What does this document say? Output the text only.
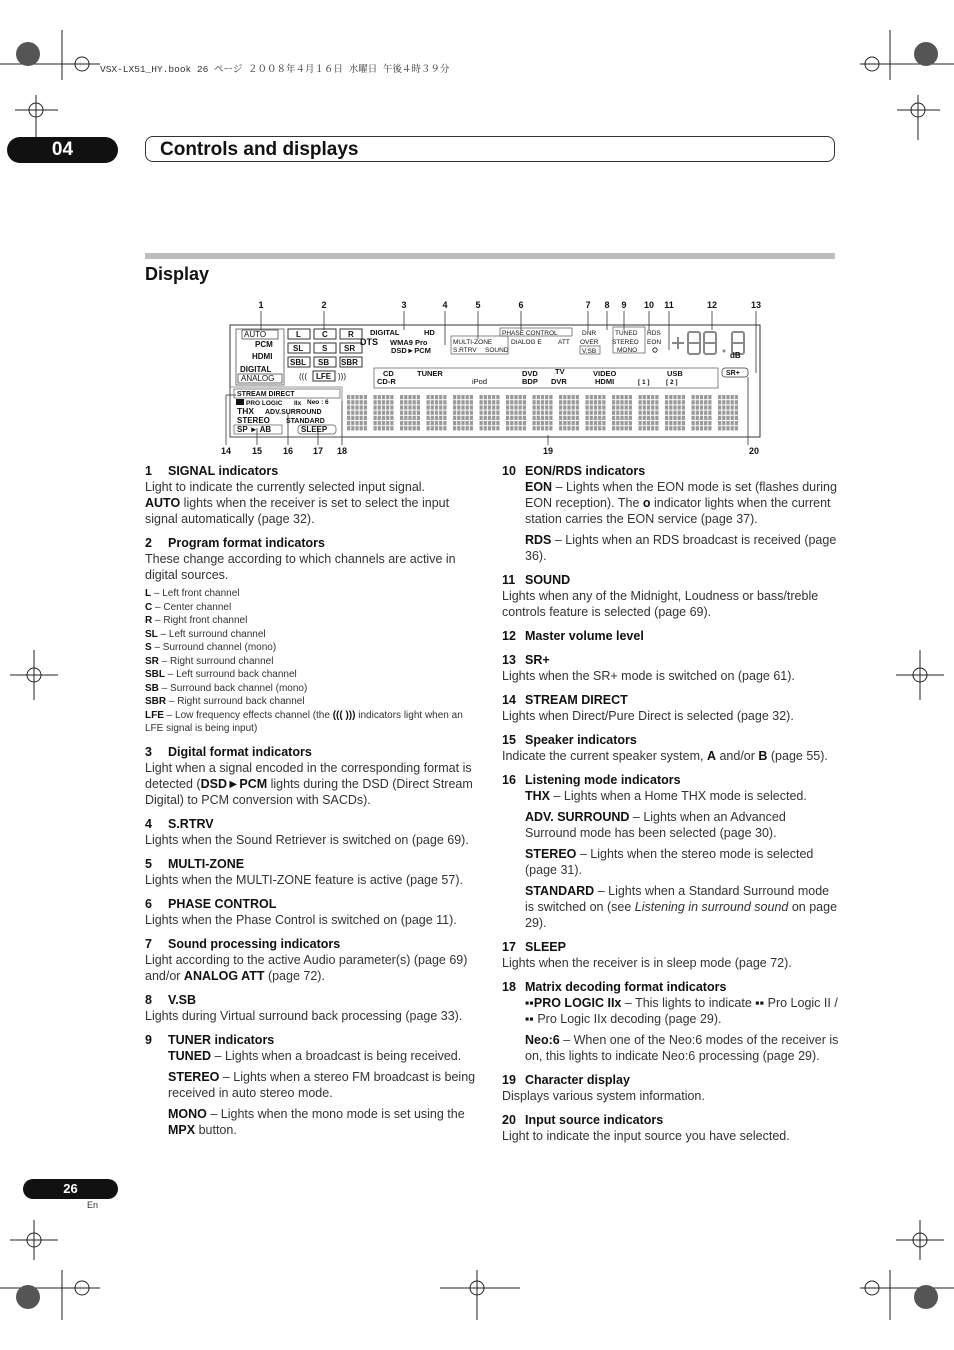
VSX-LX51_HY.book 26 ページ ２００８年４月１６日 水曜日 午後４時３９分
04	Controls and displays
Display
1	2	3	4	5	6	7 8 9 10 11	12	13
14 15 16 17 18	19	20
AUTO
PCM
HDMI
DIGITAL
ANALOG
L	C	R
SL S SR
SBL SB SBR
((( LFE )))
DIGITAL	HD
DTS WMA9 Pro
DSD►PCM
MULTI-ZONE
S.RTRV SOUND
PHASE CONTROL
DIALOG E	ATT
DNR
OVER
V.SB
TUNED
STEREO
MONO
RDS
EON
dB
CD
CD-R
TUNER
iPod
DVD
BDP
TV
DVR
VIDEO
HDMI	[ 1 ]
USB
[ 2 ]
SR+
STREAM DIRECT
PRO LOGIC IIx Neo : 6
THX ADV.SURROUND
STEREO STANDARD
SP ► AB	SLEEP
1 SIGNAL indicators

Light to indicate the currently selected input signal.
AUTO lights when the receiver is set to select the input signal automatically (page 32).

2 Program format indicators

These change according to which channels are active in digital sources.

L – Left front channel
C – Center channel
R – Right front channel
SL – Left surround channel
S – Surround channel (mono)
SR – Right surround channel
SBL – Left surround back channel
SB – Surround back channel (mono)
SBR – Right surround back channel
LFE – Low frequency effects channel (the ((( ))) indicators light when an LFE signal is being input)
3 Digital format indicators

Light when a signal encoded in the corresponding format is detected (DSD►PCM lights during the DSD (Direct Stream Digital) to PCM conversion with SACDs).

4 S.RTRV

Lights when the Sound Retriever is switched on (page 69).

5 MULTI-ZONE

Lights when the MULTI-ZONE feature is active (page 57).

6 PHASE CONTROL

Lights when the Phase Control is switched on (page 11).

7 Sound processing indicators

Light according to the active Audio parameter(s) (page 69) and/or ANALOG ATT (page 72).

8 V.SB

Lights during Virtual surround back processing (page 33).

9 TUNER indicators

TUNED – Lights when a broadcast is being received.

STEREO – Lights when a stereo FM broadcast is being received in auto stereo mode.

MONO – Lights when the mono mode is set using the MPX button.

10 EON/RDS indicators

EON – Lights when the EON mode is set (flashes during EON reception). The o indicator lights when the current station carries the EON service (page 37).

RDS – Lights when an RDS broadcast is received (page 36).

11 SOUND

Lights when any of the Midnight, Loudness or bass/treble controls feature is selected (page 69).

12 Master volume level
13 SR+

Lights when the SR+ mode is switched on (page 61).

14 STREAM DIRECT

Lights when Direct/Pure Direct is selected (page 32).

15 Speaker indicators

Indicate the current speaker system, A and/or B (page 55).

16 Listening mode indicators

THX – Lights when a Home THX mode is selected.

ADV. SURROUND – Lights when an Advanced Surround mode has been selected (page 30).

STEREO – Lights when the stereo mode is selected (page 31).

STANDARD – Lights when a Standard Surround mode is switched on (see Listening in surround sound on page 29).

17 SLEEP

Lights when the receiver is in sleep mode (page 72).

18 Matrix decoding format indicators

▪▪PRO LOGIC IIx – This lights to indicate ▪▪ Pro Logic II / ▪▪ Pro Logic IIx decoding (page 29).

Neo:6 – When one of the Neo:6 modes of the receiver is on, this lights to indicate Neo:6 processing (page 29).

19 Character display

Displays various system information.

20 Input source indicators

Light to indicate the input source you have selected.

26
En
